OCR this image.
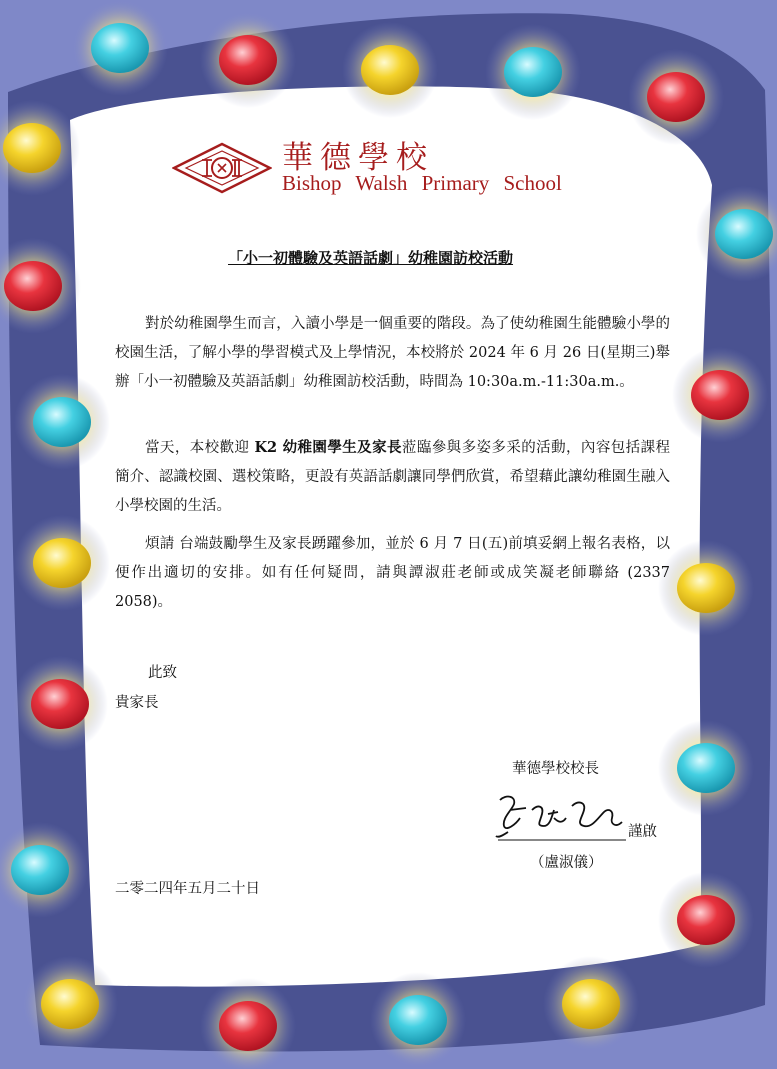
華德學校
Bishop Walsh Primary School
「小一初體驗及英語話劇」幼稚園訪校活動
對於幼稚園學生而言，入讀小學是一個重要的階段。為了使幼稚園生能體驗小學的校園生活，了解小學的學習模式及上學情況，本校將於 2024 年 6 月 26 日(星期三)舉辦「小一初體驗及英語話劇」幼稚園訪校活動，時間為 10:30a.m.-11:30a.m.。
當天，本校歡迎 K2 幼稚園學生及家長蒞臨參與多姿多采的活動，內容包括課程簡介、認識校園、選校策略，更設有英語話劇讓同學們欣賞，希望藉此讓幼稚園生融入小學校園的生活。
煩請 台端鼓勵學生及家長踴躍參加，並於 6 月 7 日(五)前填妥網上報名表格，以便作出適切的安排。如有任何疑問，請與譚淑莊老師或成笑凝老師聯絡 (2337 2058)。
此致
貴家長
華德學校校長
謹啟
（盧淑儀）
二零二四年五月二十日
